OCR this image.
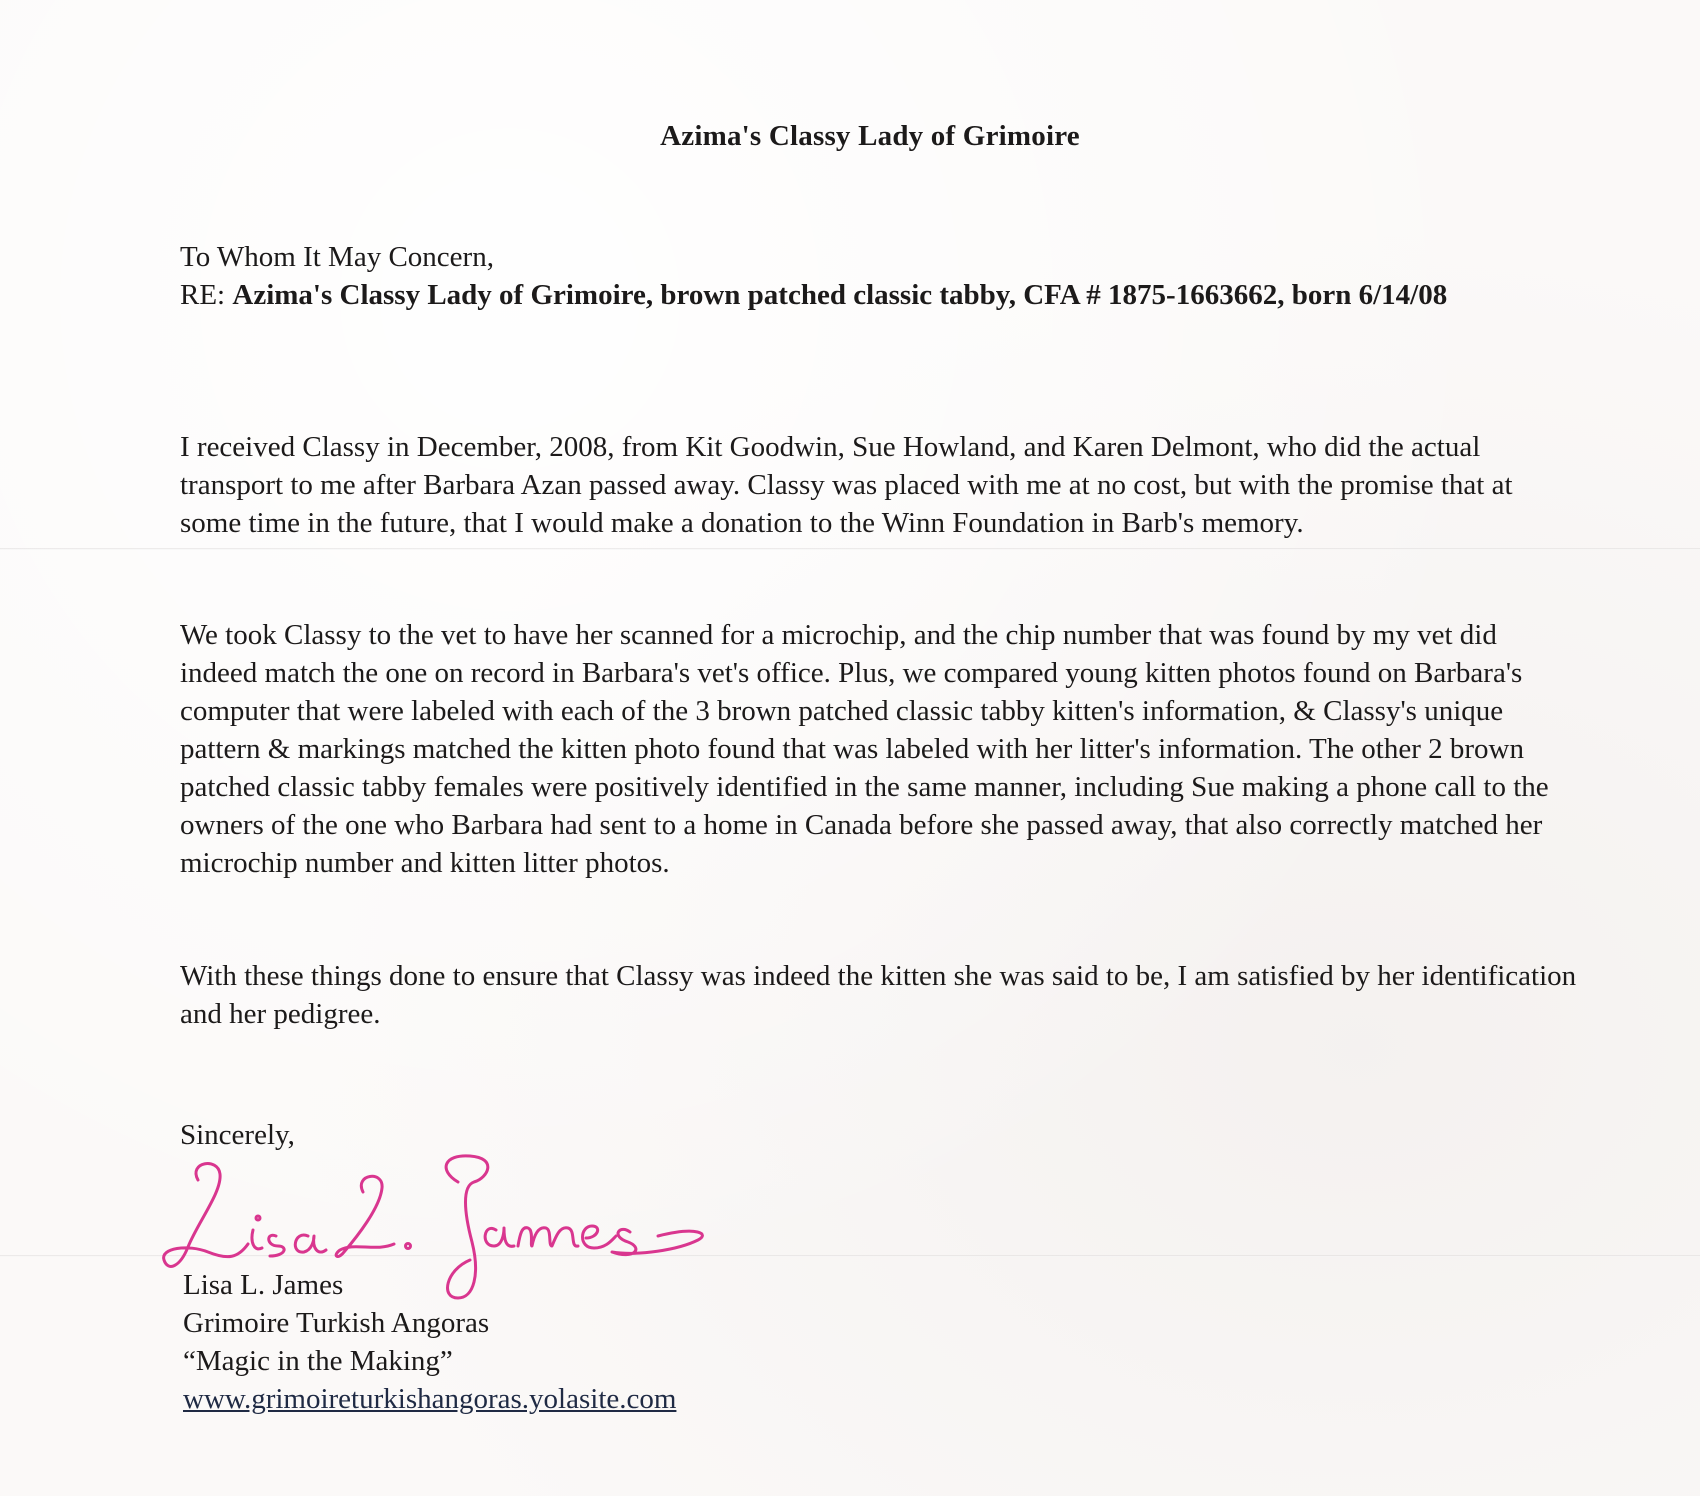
Azima's Classy Lady of Grimoire
To Whom It May Concern,
RE: Azima's Classy Lady of Grimoire, brown patched classic tabby, CFA # 1875-1663662, born 6/14/08
I received Classy in December, 2008, from Kit Goodwin, Sue Howland, and Karen Delmont, who did the actual transport to me after Barbara Azan passed away. Classy was placed with me at no cost, but with the promise that at some time in the future, that I would make a donation to the Winn Foundation in Barb's memory.
We took Classy to the vet to have her scanned for a microchip, and the chip number that was found by my vet did indeed match the one on record in Barbara's vet's office. Plus, we compared young kitten photos found on Barbara's computer that were labeled with each of the 3 brown patched classic tabby kitten's information, & Classy's unique pattern & markings matched the kitten photo found that was labeled with her litter's information. The other 2 brown patched classic tabby females were positively identified in the same manner, including Sue making a phone call to the owners of the one who Barbara had sent to a home in Canada before she passed away, that also correctly matched her microchip number and kitten litter photos.
With these things done to ensure that Classy was indeed the kitten she was said to be, I am satisfied by her identification and her pedigree.
Sincerely,
Lisa L. James
Grimoire Turkish Angoras
“Magic in the Making”
www.grimoireturkishangoras.yolasite.com
